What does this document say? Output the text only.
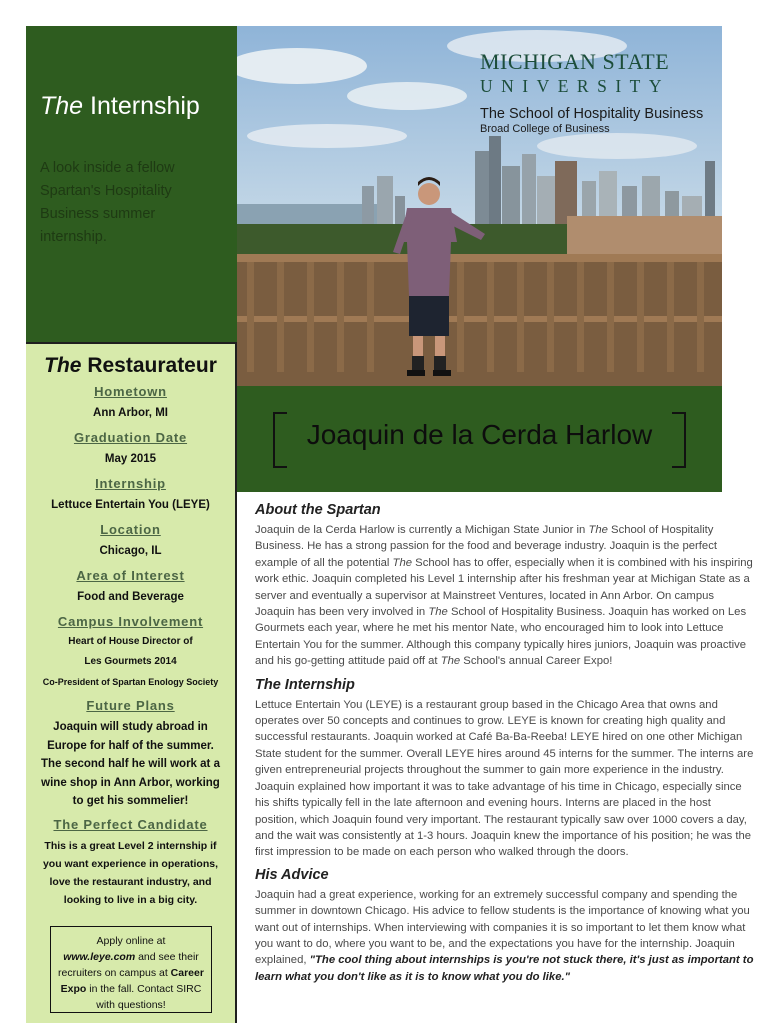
The Internship
A look inside a fellow Spartan's Hospitality Business summer internship.
MICHIGAN STATE
UNIVERSITY
The School of Hospitality Business
Broad College of Business
Joaquin de la Cerda Harlow
The Restaurateur
Hometown
Ann Arbor, MI
Graduation Date
May 2015
Internship
Lettuce Entertain You (LEYE)
Location
Chicago, IL
Area of Interest
Food and Beverage
Campus Involvement
Heart of House Director of
Les Gourmets 2014
Co-President of Spartan Enology Society
Future Plans
Joaquin will study abroad in Europe for half of the summer. The second half he will work at a wine shop in Ann Arbor, working to get his sommelier!
The Perfect Candidate
This is a great Level 2 internship if you want experience in operations, love the restaurant industry, and looking to live in a big city.
Apply online at
www.leye.com and see their recruiters on campus at Career Expo in the fall. Contact SIRC with questions!
About the Spartan

Joaquin de la Cerda Harlow is currently a Michigan State Junior in The School of Hospitality Business. He has a strong passion for the food and beverage industry. Joaquin is the perfect example of all the potential The School has to offer, especially when it is combined with his inspiring work ethic. Joaquin completed his Level 1 internship after his freshman year at Michigan State as a server and eventually a supervisor at Mainstreet Ventures, located in Ann Arbor. On campus Joaquin has been very involved in The School of Hospitality Business. Joaquin has worked on Les Gourmets each year, where he met his mentor Nate, who encouraged him to look into Lettuce Entertain You for the summer. Although this company typically hires juniors, Joaquin was proactive and his go-getting attitude paid off at The School's annual Career Expo!

The Internship

Lettuce Entertain You (LEYE) is a restaurant group based in the Chicago Area that owns and operates over 50 concepts and continues to grow. LEYE is known for creating high quality and successful restaurants. Joaquin worked at Café Ba-Ba-Reeba! LEYE hired on one other Michigan State student for the summer. Overall LEYE hires around 45 interns for the summer. The interns are given entrepreneurial projects throughout the summer to gain more experience in the industry. Joaquin explained how important it was to take advantage of his time in Chicago, especially since his shifts typically fell in the late afternoon and evening hours. Interns are placed in the host position, which Joaquin found very important. The restaurant typically saw over 1000 covers a day, and the wait was consistently at 1-3 hours. Joaquin knew the importance of his position; he was the first impression to be made on each person who walked through the doors.

His Advice

Joaquin had a great experience, working for an extremely successful company and spending the summer in downtown Chicago. His advice to fellow students is the importance of knowing what you want out of internships. When interviewing with companies it is so important to let them know what you want to do, where you want to be, and the expectations you have for the internship. Joaquin explained, "The cool thing about internships is you're not stuck there, it's just as important to learn what you don't like as it is to know what you do like."
